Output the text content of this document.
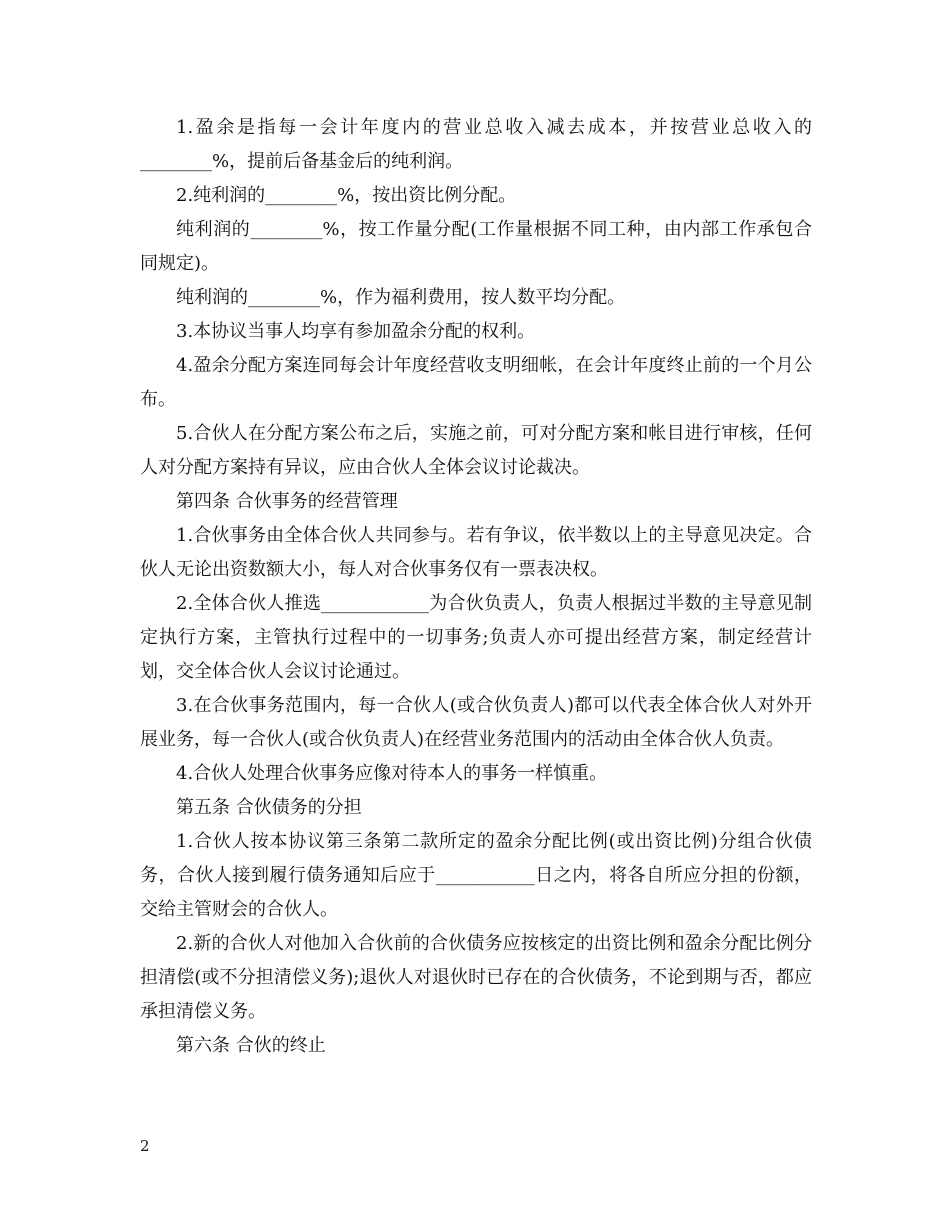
1.盈余是指每一会计年度内的营业总收入减去成本，并按营业总收入的________%，提前后备基金后的纯利润。

2.纯利润的________%，按出资比例分配。

纯利润的________%，按工作量分配(工作量根据不同工种，由内部工作承包合同规定)。

纯利润的________%，作为福利费用，按人数平均分配。

3.本协议当事人均享有参加盈余分配的权利。

4.盈余分配方案连同每会计年度经营收支明细帐，在会计年度终止前的一个月公布。

5.合伙人在分配方案公布之后，实施之前，可对分配方案和帐目进行审核，任何人对分配方案持有异议，应由合伙人全体会议讨论裁决。

第四条 合伙事务的经营管理

1.合伙事务由全体合伙人共同参与。若有争议，依半数以上的主导意见决定。合伙人无论出资数额大小，每人对合伙事务仅有一票表决权。

2.全体合伙人推选____________为合伙负责人，负责人根据过半数的主导意见制定执行方案，主管执行过程中的一切事务;负责人亦可提出经营方案，制定经营计划，交全体合伙人会议讨论通过。

3.在合伙事务范围内，每一合伙人(或合伙负责人)都可以代表全体合伙人对外开展业务，每一合伙人(或合伙负责人)在经营业务范围内的活动由全体合伙人负责。

4.合伙人处理合伙事务应像对待本人的事务一样慎重。

第五条 合伙债务的分担

1.合伙人按本协议第三条第二款所定的盈余分配比例(或出资比例)分组合伙债务，合伙人接到履行债务通知后应于___________日之内，将各自所应分担的份额，交给主管财会的合伙人。

2.新的合伙人对他加入合伙前的合伙债务应按核定的出资比例和盈余分配比例分担清偿(或不分担清偿义务);退伙人对退伙时已存在的合伙债务，不论到期与否，都应承担清偿义务。

第六条 合伙的终止

2
